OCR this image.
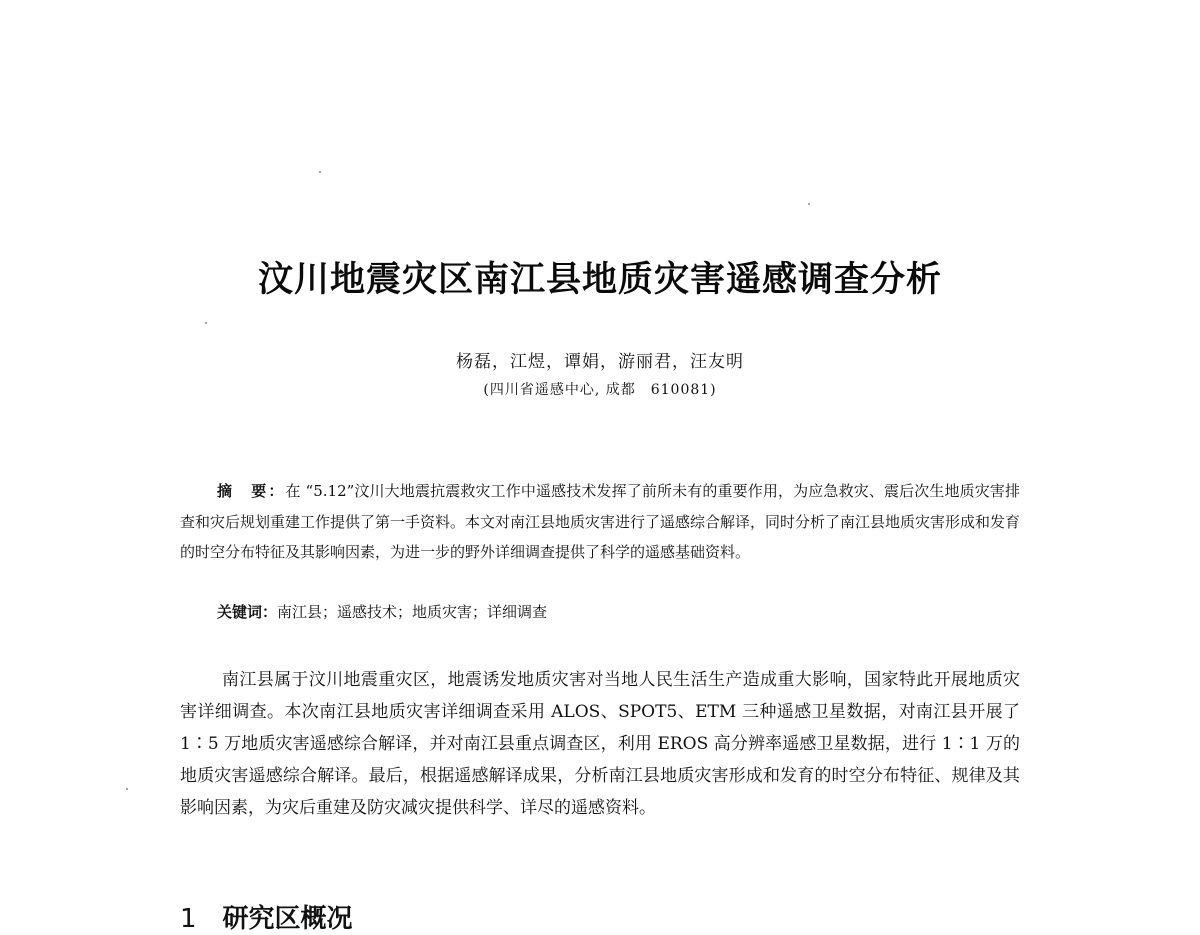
汶川地震灾区南江县地质灾害遥感调查分析
杨磊，江煜，谭娟，游丽君，汪友明
(四川省遥感中心, 成都　610081)
摘　要：在 “5.12”汶川大地震抗震救灾工作中遥感技术发挥了前所未有的重要作用，为应急救灾、震后次生地质灾害排查和灾后规划重建工作提供了第一手资料。本文对南江县地质灾害进行了遥感综合解译，同时分析了南江县地质灾害形成和发育的时空分布特征及其影响因素，为进一步的野外详细调查提供了科学的遥感基础资料。
关键词：南江县；遥感技术；地质灾害；详细调查
南江县属于汶川地震重灾区，地震诱发地质灾害对当地人民生活生产造成重大影响，国家特此开展地质灾害详细调查。本次南江县地质灾害详细调查采用 ALOS、SPOT5、ETM 三种遥感卫星数据，对南江县开展了 1∶5 万地质灾害遥感综合解译，并对南江县重点调查区，利用 EROS 高分辨率遥感卫星数据，进行 1∶1 万的地质灾害遥感综合解译。最后，根据遥感解译成果，分析南江县地质灾害形成和发育的时空分布特征、规律及其影响因素，为灾后重建及防灾减灾提供科学、详尽的遥感资料。
1 研究区概况
